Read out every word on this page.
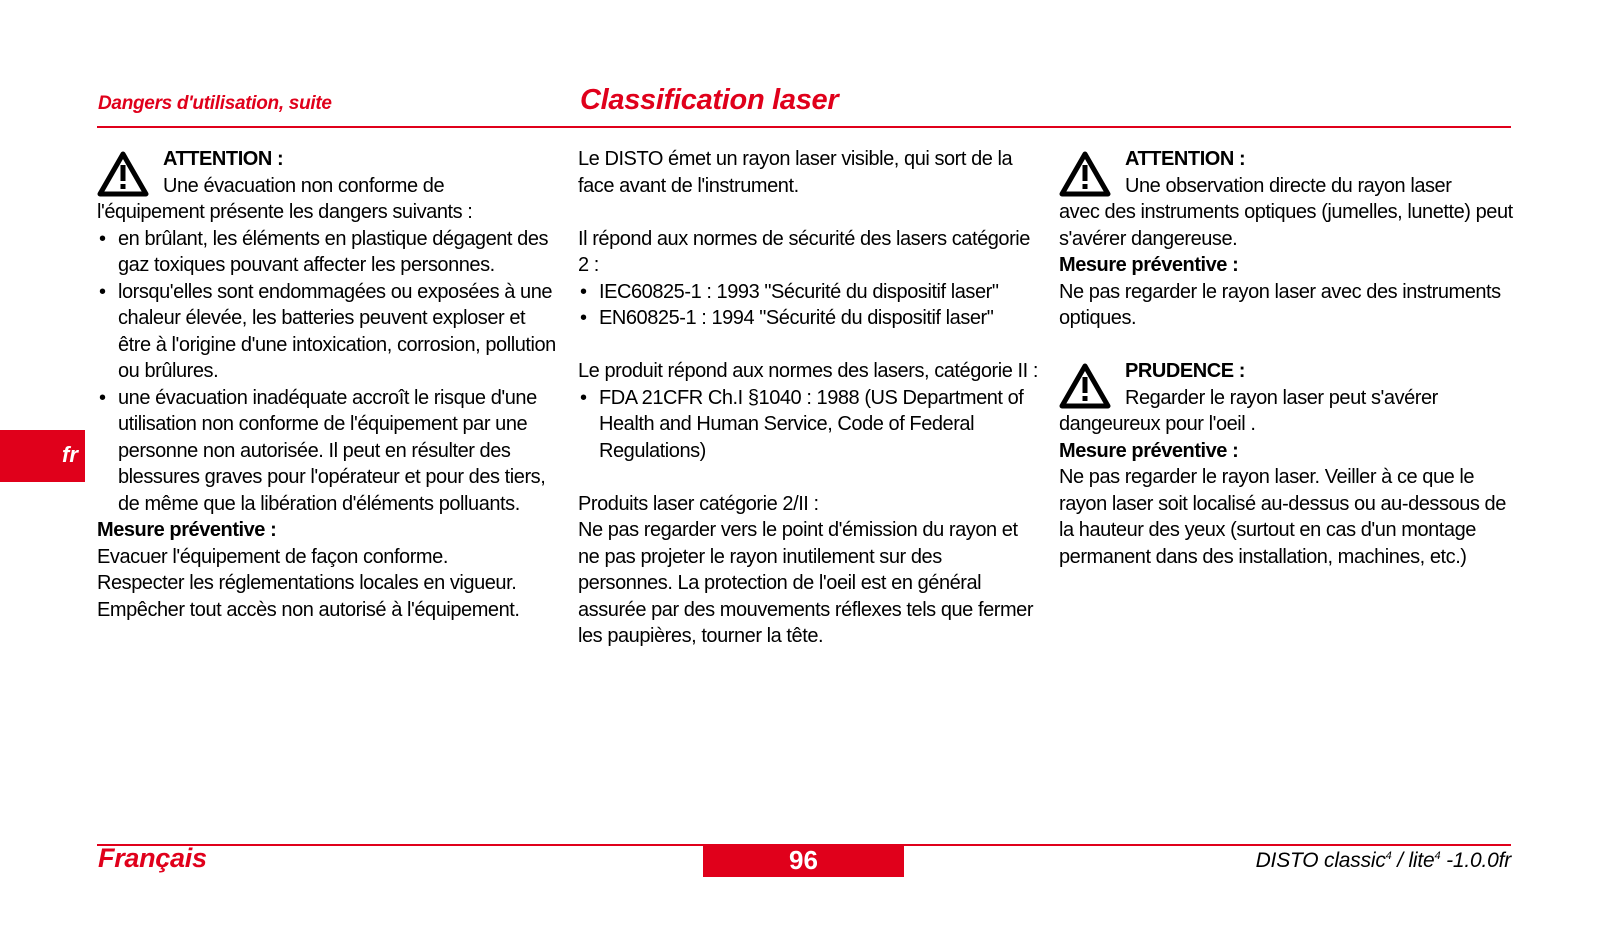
Dangers d'utilisation, suite	Classification laser

ATTENTION :

Une évacuation non conforme de

l'équipement présente les dangers suivants :

• en brûlant, les éléments en plastique dégagent des gaz toxiques pouvant affecter les personnes.
• lorsqu'elles sont endommagées ou exposées à une chaleur élevée, les batteries peuvent exploser et être à l'origine d'une intoxication, corrosion, pollution ou brûlures.
• une évacuation inadéquate accroît le risque d'une utilisation non conforme de l'équipement par une personne non autorisée. Il peut en résulter des blessures graves pour l'opérateur et pour des tiers, de même que la libération d'éléments polluants.

Mesure préventive :

Evacuer l'équipement de façon conforme.

Respecter les réglementations locales en vigueur.

Empêcher tout accès non autorisé à l'équipement.

Le DISTO émet un rayon laser visible, qui sort de la face avant de l'instrument.

Il répond aux normes de sécurité des lasers catégorie 2 :

• IEC60825-1 : 1993 "Sécurité du dispositif laser"
• EN60825-1 : 1994 "Sécurité du dispositif laser"

Le produit répond aux normes des lasers, catégorie II :

• FDA 21CFR Ch.I §1040 : 1988 (US Department of Health and Human Service, Code of Federal Regulations)

Produits laser catégorie 2/II :

Ne pas regarder vers le point d'émission du rayon et ne pas projeter le rayon inutilement sur des personnes. La protection de l'oeil est en général assurée par des mouvements réflexes tels que fermer les paupières, tourner la tête.

ATTENTION :

Une observation directe du rayon laser

avec des instruments optiques (jumelles, lunette) peut s'avérer dangereuse.

Mesure préventive :

Ne pas regarder le rayon laser avec des instruments optiques.

PRUDENCE :

Regarder le rayon laser peut s'avérer

dangeureux pour l'oeil .

Mesure préventive :

Ne pas regarder le rayon laser. Veiller à ce que le rayon laser soit localisé au-dessus ou au-dessous de la hauteur des yeux (surtout en cas d'un montage permanent dans des installation, machines, etc.)

fr
Français	96	DISTO classic$^4$ / lite$^4$ -1.0.0fr
